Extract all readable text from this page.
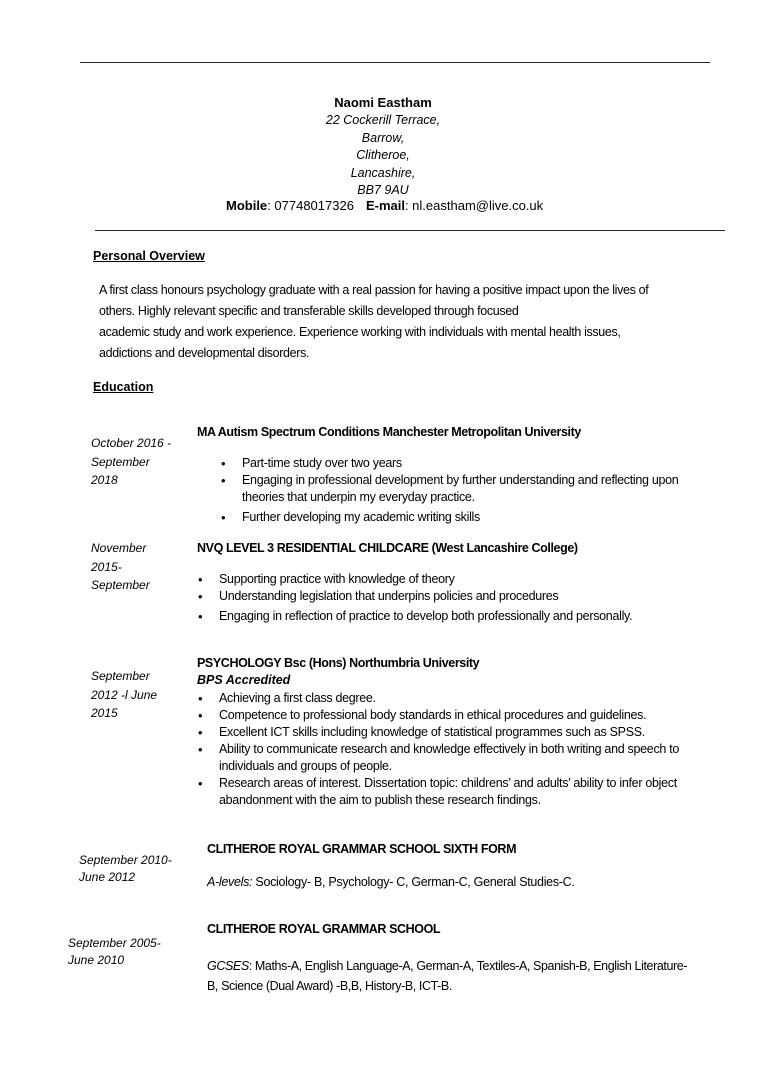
Naomi Eastham
22 Cockerill Terrace,
Barrow,
Clitheroe,
Lancashire,
BB7 9AU
Mobile: 07748017326 E-mail: nl.eastham@live.co.uk
Personal Overview
A first class honours psychology graduate with a real passion for having a positive impact upon the lives of
others. Highly relevant specific and transferable skills developed through focused
academic study and work experience. Experience working with individuals with mental health issues,
addictions and developmental disorders.
Education
October 2016 -
September
2018
MA Autism Spectrum Conditions Manchester Metropolitan University
• Part-time study over two years
• Engaging in professional development by further understanding and reflecting upon theories that underpin my everyday practice.
• Further developing my academic writing skills
November
2015-
September
NVQ LEVEL 3 RESIDENTIAL CHILDCARE (West Lancashire College)
• Supporting practice with knowledge of theory
• Understanding legislation that underpins policies and procedures
• Engaging in reflection of practice to develop both professionally and personally.
September
2012 -l June
2015
PSYCHOLOGY Bsc (Hons) Northumbria University
BPS Accredited
• Achieving a first class degree.
• Competence to professional body standards in ethical procedures and guidelines.
• Excellent ICT skills including knowledge of statistical programmes such as SPSS.
• Ability to communicate research and knowledge effectively in both writing and speech to individuals and groups of people.
• Research areas of interest. Dissertation topic: childrens’ and adults’ ability to infer object abandonment with the aim to publish these research findings.
September 2010-
June 2012
CLITHEROE ROYAL GRAMMAR SCHOOL SIXTH FORM
A-levels: Sociology- B, Psychology- C, German-C, General Studies-C.
September 2005-
June 2010
CLITHEROE ROYAL GRAMMAR SCHOOL
GCSES: Maths-A, English Language-A, German-A, Textiles-A, Spanish-B, English Literature-
B, Science (Dual Award) -B,B, History-B, ICT-B.
